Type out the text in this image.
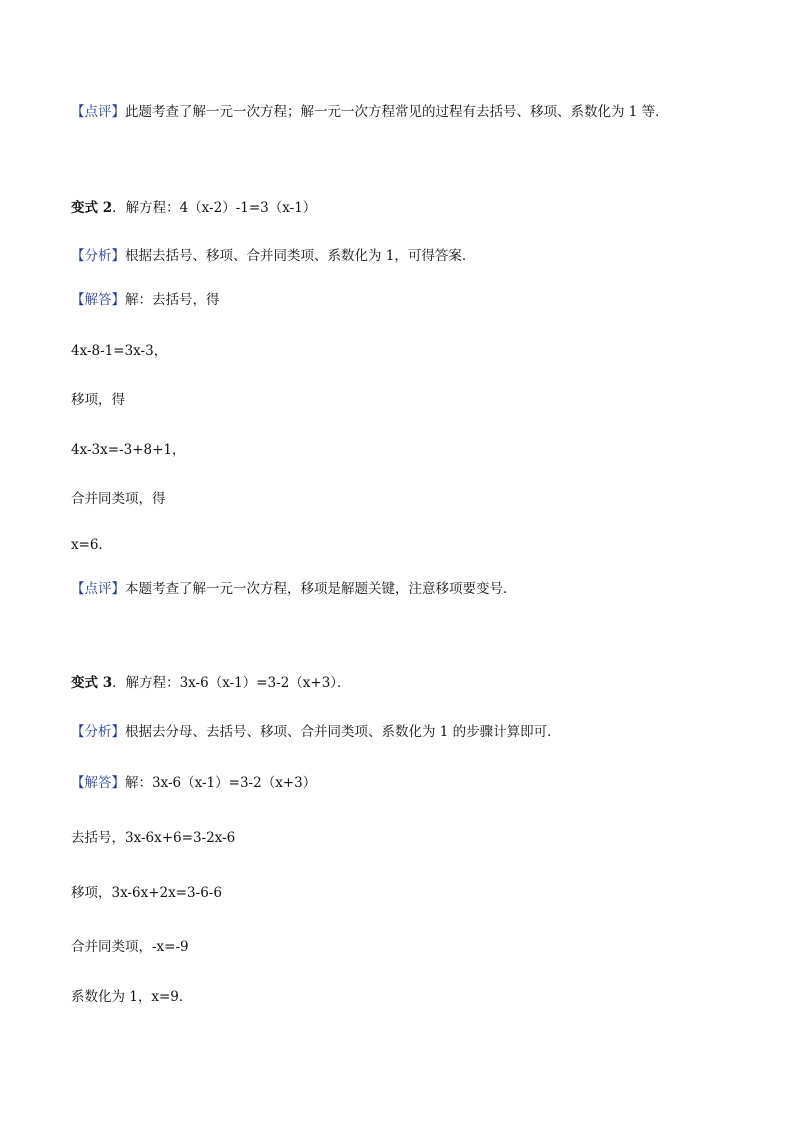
【点评】此题考查了解一元一次方程；解一元一次方程常见的过程有去括号、移项、系数化为 1 等．
变式 2．解方程：4（x-2）-1=3（x-1）
【分析】根据去括号、移项、合并同类项、系数化为 1，可得答案．
【解答】解：去括号，得
4x-8-1=3x-3，
移项，得
4x-3x=-3+8+1，
合并同类项，得
x=6．
【点评】本题考查了解一元一次方程，移项是解题关键，注意移项要变号．
变式 3．解方程：3x-6（x-1）=3-2（x+3）．
【分析】根据去分母、去括号、移项、合并同类项、系数化为 1 的步骤计算即可．
【解答】解：3x-6（x-1）=3-2（x+3）
去括号，3x-6x+6=3-2x-6
移项，3x-6x+2x=3-6-6
合并同类项，-x=-9
系数化为 1，x=9．
